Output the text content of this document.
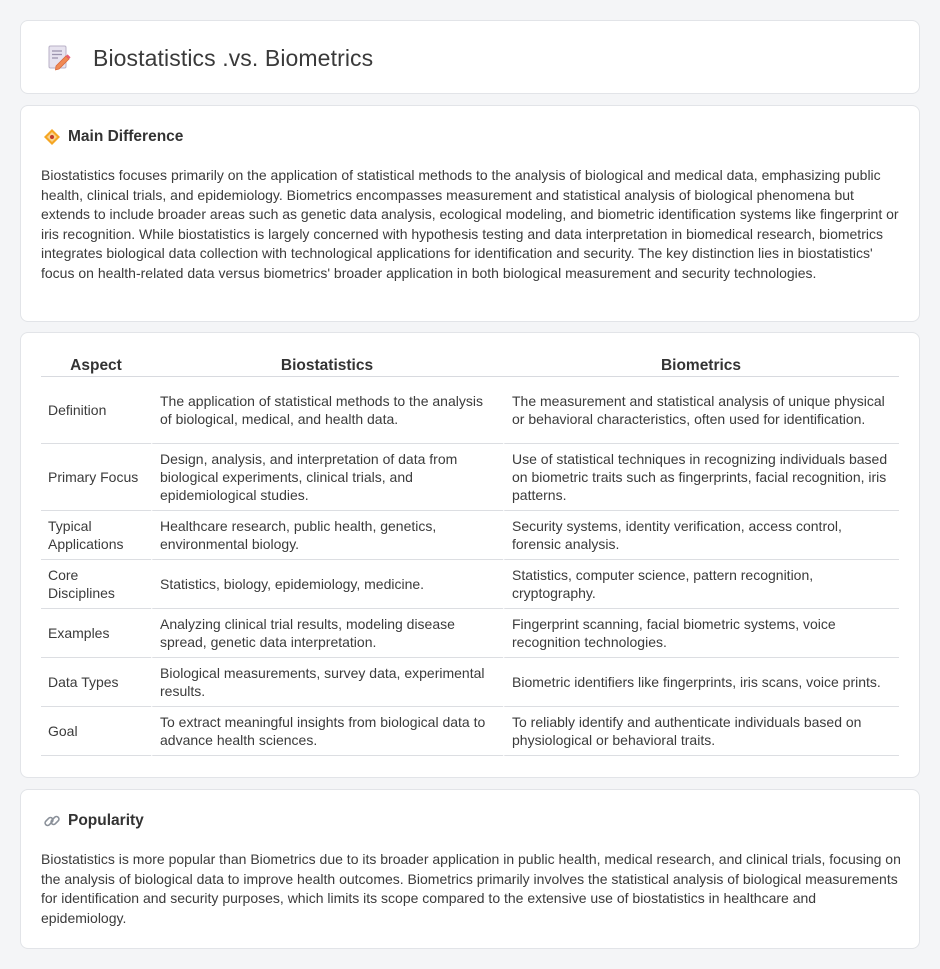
Biostatistics .vs. Biometrics
Main Difference

Biostatistics focuses primarily on the application of statistical methods to the analysis of biological and medical data, emphasizing public health, clinical trials, and epidemiology. Biometrics encompasses measurement and statistical analysis of biological phenomena but extends to include broader areas such as genetic data analysis, ecological modeling, and biometric identification systems like fingerprint or iris recognition. While biostatistics is largely concerned with hypothesis testing and data interpretation in biomedical research, biometrics integrates biological data collection with technological applications for identification and security. The key distinction lies in biostatistics' focus on health-related data versus biometrics' broader application in both biological measurement and security technologies.

Aspect	Biostatistics	Biometrics
Definition	The application of statistical methods to the analysis of biological, medical, and health data.	The measurement and statistical analysis of unique physical or behavioral characteristics, often used for identification.
Primary Focus	Design, analysis, and interpretation of data from biological experiments, clinical trials, and epidemiological studies.	Use of statistical techniques in recognizing individuals based on biometric traits such as fingerprints, facial recognition, iris patterns.
Typical Applications	Healthcare research, public health, genetics, environmental biology.	Security systems, identity verification, access control, forensic analysis.
Core Disciplines	Statistics, biology, epidemiology, medicine.	Statistics, computer science, pattern recognition, cryptography.
Examples	Analyzing clinical trial results, modeling disease spread, genetic data interpretation.	Fingerprint scanning, facial biometric systems, voice recognition technologies.
Data Types	Biological measurements, survey data, experimental results.	Biometric identifiers like fingerprints, iris scans, voice prints.
Goal	To extract meaningful insights from biological data to advance health sciences.	To reliably identify and authenticate individuals based on physiological or behavioral traits.
Popularity

Biostatistics is more popular than Biometrics due to its broader application in public health, medical research, and clinical trials, focusing on the analysis of biological data to improve health outcomes. Biometrics primarily involves the statistical analysis of biological measurements for identification and security purposes, which limits its scope compared to the extensive use of biostatistics in healthcare and epidemiology.
